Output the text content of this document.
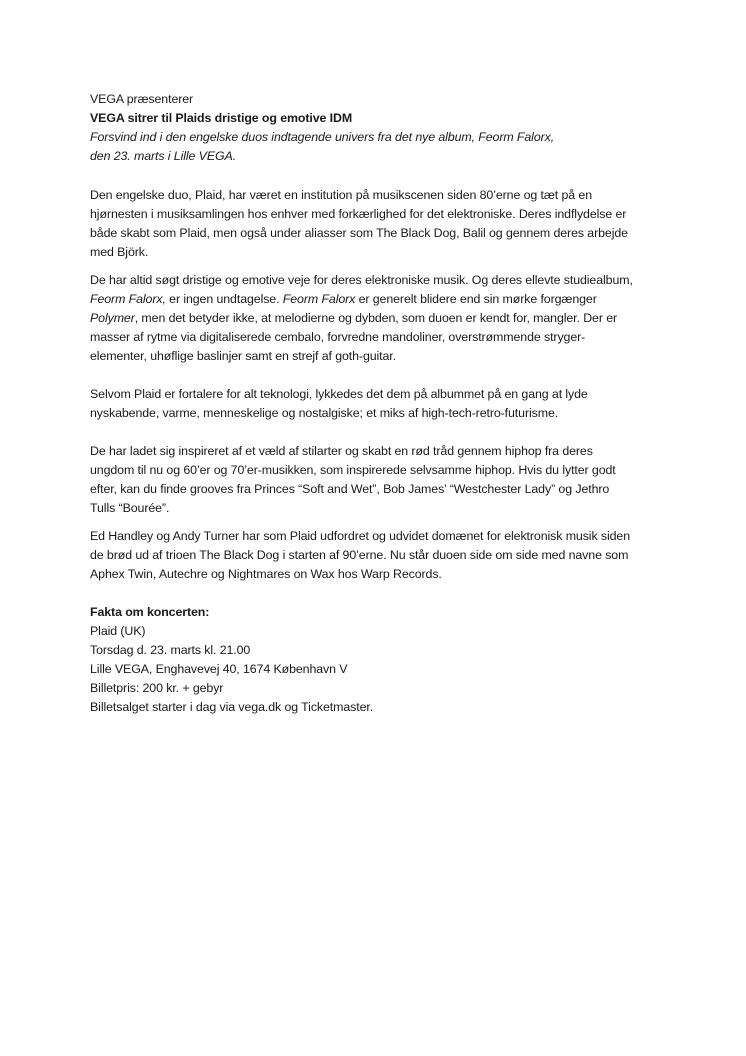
VEGA præsenterer

VEGA sitrer til Plaids dristige og emotive IDM

Forsvind ind i den engelske duos indtagende univers fra det nye album, Feorm Falorx,

den 23. marts i Lille VEGA.

Den engelske duo, Plaid, har været en institution på musikscenen siden 80’erne og tæt på en

hjørnesten i musiksamlingen hos enhver med forkærlighed for det elektroniske. Deres indflydelse er

både skabt som Plaid, men også under aliasser som The Black Dog, Balil og gennem deres arbejde

med Björk.

De har altid søgt dristige og emotive veje for deres elektroniske musik. Og deres ellevte studiealbum,

Feorm Falorx, er ingen undtagelse. Feorm Falorx er generelt blidere end sin mørke forgænger

Polymer, men det betyder ikke, at melodierne og dybden, som duoen er kendt for, mangler. Der er

masser af rytme via digitaliserede cembalo, forvredne mandoliner, overstrømmende stryger-

elementer, uhøflige baslinjer samt en strejf af goth-guitar.

Selvom Plaid er fortalere for alt teknologi, lykkedes det dem på albummet på en gang at lyde

nyskabende, varme, menneskelige og nostalgiske; et miks af high-tech-retro-futurisme.

De har ladet sig inspireret af et væld af stilarter og skabt en rød tråd gennem hiphop fra deres

ungdom til nu og 60’er og 70’er-musikken, som inspirerede selvsamme hiphop. Hvis du lytter godt

efter, kan du finde grooves fra Princes “Soft and Wet”, Bob James’ “Westchester Lady” og Jethro

Tulls “Bourée”.

Ed Handley og Andy Turner har som Plaid udfordret og udvidet domænet for elektronisk musik siden

de brød ud af trioen The Black Dog i starten af 90’erne. Nu står duoen side om side med navne som

Aphex Twin, Autechre og Nightmares on Wax hos Warp Records.

Fakta om koncerten:

Plaid (UK)

Torsdag d. 23. marts kl. 21.00

Lille VEGA, Enghavevej 40, 1674 København V

Billetpris: 200 kr. + gebyr

Billetsalget starter i dag via vega.dk og Ticketmaster.
